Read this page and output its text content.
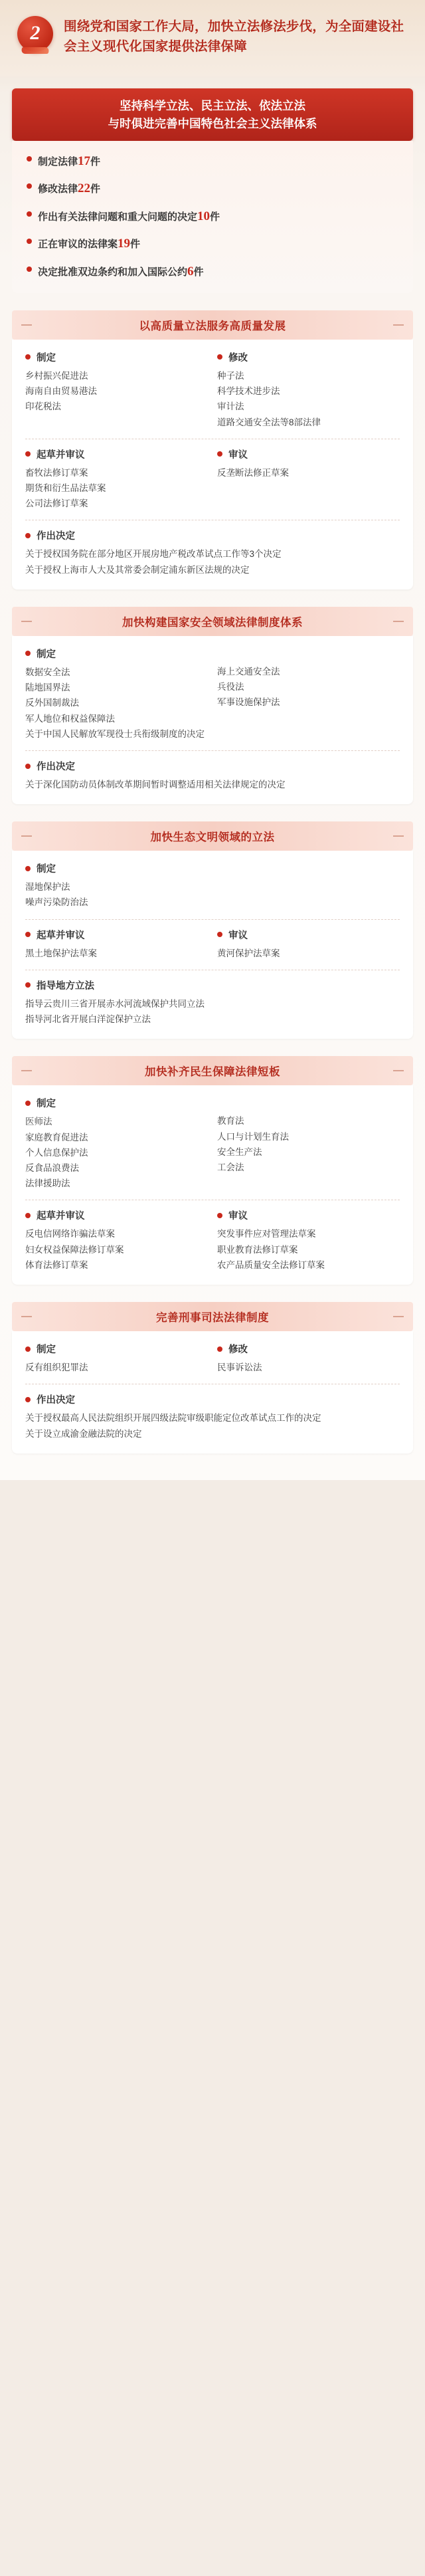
2	围绕党和国家工作大局，加快立法修法步伐，为全面建设社会主义现代化国家提供法律保障
坚持科学立法、民主立法、依法立法
与时俱进完善中国特色社会主义法律体系
制定法律17件
修改法律22件
作出有关法律问题和重大问题的决定10件
正在审议的法律案19件
决定批准双边条约和加入国际公约6件
以高质量立法服务高质量发展
制定
乡村振兴促进法
海南自由贸易港法
印花税法
修改
种子法
科学技术进步法
审计法
道路交通安全法等8部法律
起草并审议
畜牧法修订草案
期货和衍生品法草案
公司法修订草案
审议
反垄断法修正草案
作出决定
关于授权国务院在部分地区开展房地产税改革试点工作等3个决定
关于授权上海市人大及其常委会制定浦东新区法规的决定
加快构建国家安全领域法律制度体系
制定
数据安全法
陆地国界法
反外国制裁法
军人地位和权益保障法
关于中国人民解放军现役士兵衔级制度的决定
海上交通安全法
兵役法
军事设施保护法
作出决定
关于深化国防动员体制改革期间暂时调整适用相关法律规定的决定
加快生态文明领域的立法
制定
湿地保护法
噪声污染防治法
起草并审议
黑土地保护法草案
审议
黄河保护法草案
指导地方立法
指导云贵川三省开展赤水河流域保护共同立法
指导河北省开展白洋淀保护立法
加快补齐民生保障法律短板
制定
医师法
家庭教育促进法
个人信息保护法
反食品浪费法
法律援助法
教育法
人口与计划生育法
安全生产法
工会法
起草并审议
反电信网络诈骗法草案
妇女权益保障法修订草案
体育法修订草案
审议
突发事件应对管理法草案
职业教育法修订草案
农产品质量安全法修订草案
完善刑事司法法律制度
制定
反有组织犯罪法
修改
民事诉讼法
作出决定
关于授权最高人民法院组织开展四级法院审级职能定位改革试点工作的决定
关于设立成渝金融法院的决定
